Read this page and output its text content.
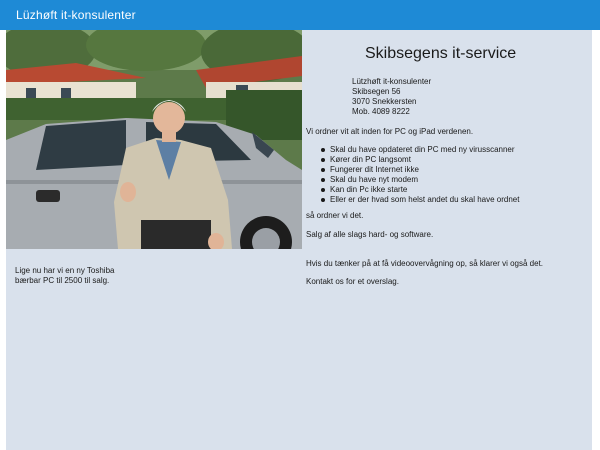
Lüzhøft it-konsulenter
Lige nu har vi en ny Toshiba
bærbar PC til 2500 til salg.
Skibsegens it-service
Lützhøft it-konsulenter
Skibsegen 56
3070 Snekkersten
Mob. 4089 8222
Vi ordner vit alt inden for PC og iPad verdenen.
Skal du have opdateret din PC med ny virusscanner
Kører din PC langsomt
Fungerer dit Internet ikke
Skal du have nyt modem
Kan din Pc ikke starte
Eller er der hvad som helst andet du skal have ordnet
så ordner vi det.
Salg af alle slags hard- og software.
Hvis du tænker på at få videoovervågning op, så klarer vi også det.
Kontakt os for et overslag.
